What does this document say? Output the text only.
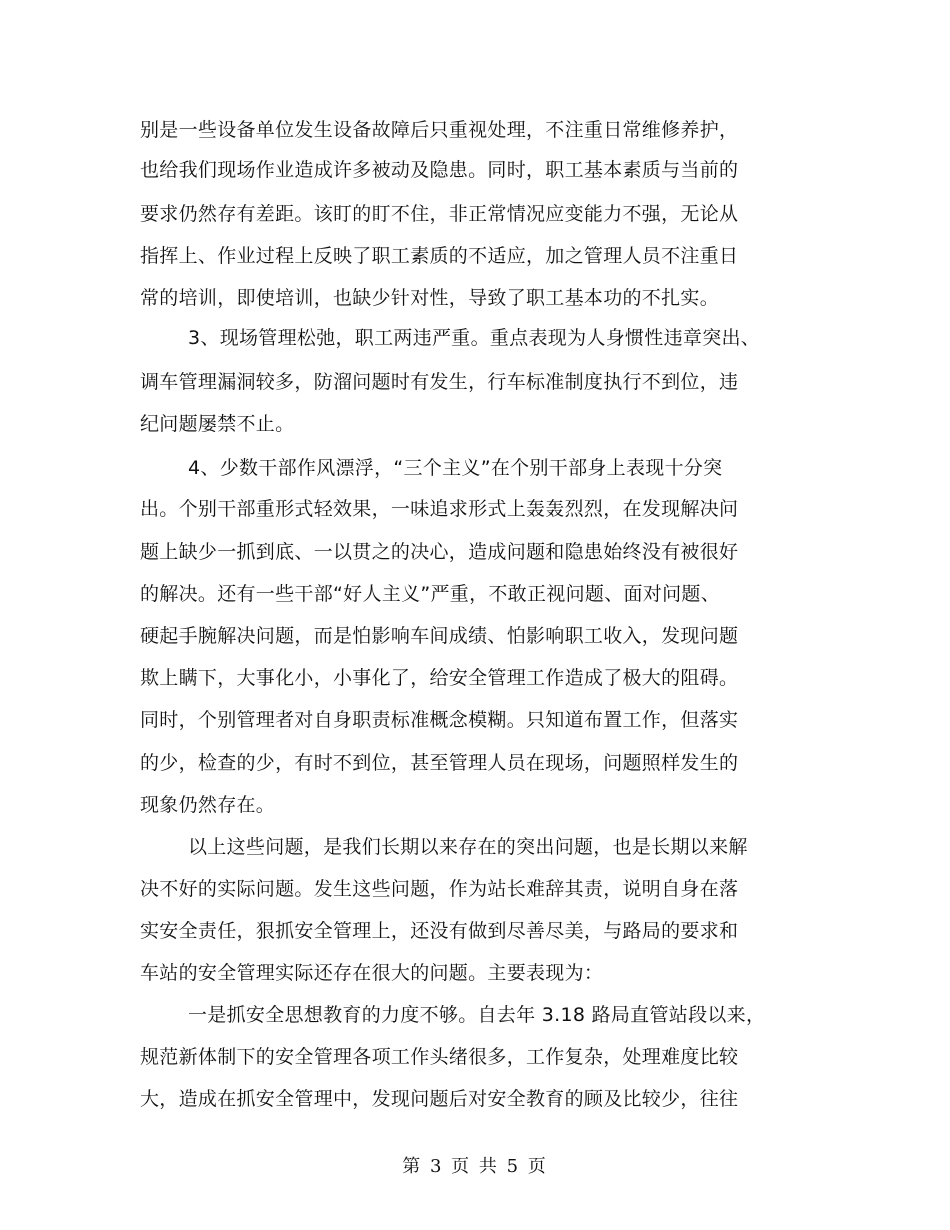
别是一些设备单位发生设备故障后只重视处理，不注重日常维修养护，
也给我们现场作业造成许多被动及隐患。同时，职工基本素质与当前的
要求仍然存有差距。该盯的盯不住，非正常情况应变能力不强，无论从
指挥上、作业过程上反映了职工素质的不适应，加之管理人员不注重日
常的培训，即使培训，也缺少针对性，导致了职工基本功的不扎实。
3、现场管理松弛，职工两违严重。重点表现为人身惯性违章突出、
调车管理漏洞较多，防溜问题时有发生，行车标准制度执行不到位，违
纪问题屡禁不止。
4、少数干部作风漂浮，“三个主义”在个别干部身上表现十分突
出。个别干部重形式轻效果，一味追求形式上轰轰烈烈，在发现解决问
题上缺少一抓到底、一以贯之的决心，造成问题和隐患始终没有被很好
的解决。还有一些干部“好人主义”严重，不敢正视问题、面对问题、
硬起手腕解决问题，而是怕影响车间成绩、怕影响职工收入，发现问题
欺上瞒下，大事化小，小事化了，给安全管理工作造成了极大的阻碍。
同时，个别管理者对自身职责标准概念模糊。只知道布置工作，但落实
的少，检查的少，有时不到位，甚至管理人员在现场，问题照样发生的
现象仍然存在。
以上这些问题，是我们长期以来存在的突出问题，也是长期以来解
决不好的实际问题。发生这些问题，作为站长难辞其责，说明自身在落
实安全责任，狠抓安全管理上，还没有做到尽善尽美，与路局的要求和
车站的安全管理实际还存在很大的问题。主要表现为：
一是抓安全思想教育的力度不够。自去年 3.18 路局直管站段以来，
规范新体制下的安全管理各项工作头绪很多，工作复杂，处理难度比较
大，造成在抓安全管理中，发现问题后对安全教育的顾及比较少，往往
第 3 页 共 5 页
